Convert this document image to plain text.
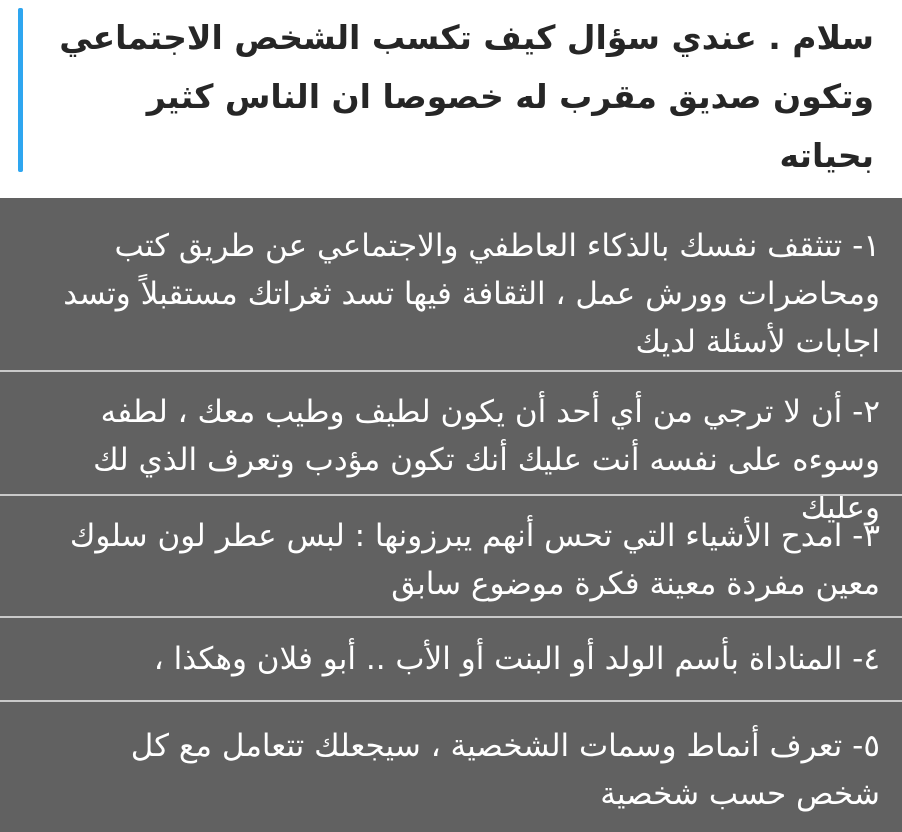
سلام . عندي سؤال كيف تكسب الشخص الاجتماعي
وتكون صديق مقرب له خصوصا ان الناس كثير بحياته

١- تتثقف نفسك بالذكاء العاطفي والاجتماعي عن طريق كتب
ومحاضرات وورش عمل ، الثقافة فيها تسد ثغراتك مستقبلاً وتسد
اجابات لأسئلة لديك

٢- أن لا ترجي من أي أحد أن يكون لطيف وطيب معك ، لطفه
وسوءه على نفسه أنت عليك أنك تكون مؤدب وتعرف الذي لك وعليك

٣- امدح الأشياء التي تحس أنهم يبرزونها : لبس عطر لون سلوك
معين مفردة معينة فكرة موضوع سابق

٤- المناداة بأسم الولد أو البنت أو الأب .. أبو فلان وهكذا ،

٥- تعرف أنماط وسمات الشخصية ، سيجعلك تتعامل مع كل
شخص حسب شخصية
